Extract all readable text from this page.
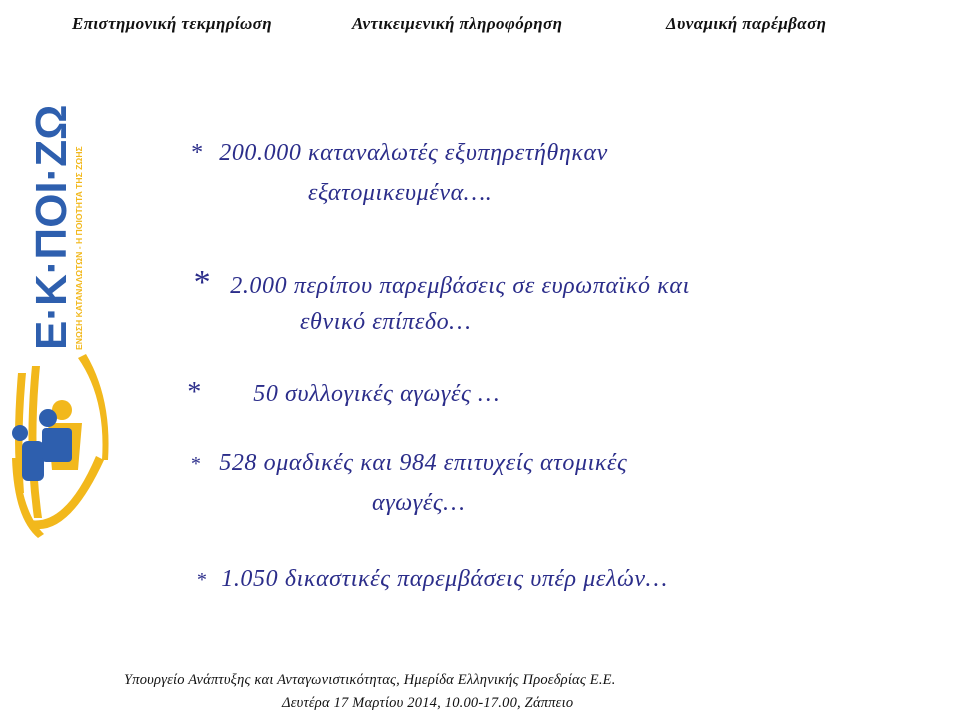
Επιστημονική τεκμηρίωση	Αντικειμενική πληροφόρηση	Δυναμική παρέμβαση
Ε·Κ·ΠΟΙ·ΖΩ
ΕΝΩΣΗ ΚΑΤΑΝΑΛΩΤΩΝ - Η ΠΟΙΟΤΗΤΑ ΤΗΣ ΖΩΗΣ	* 200.000 καταναλωτές εξυπηρετήθηκαν
εξατομικευμένα….
* 2.000 περίπου παρεμβάσεις σε ευρωπαϊκό και
εθνικό επίπεδο…
* 50 συλλογικές αγωγές …
* 528 ομαδικές και 984 επιτυχείς ατομικές
αγωγές…
* 1.050 δικαστικές παρεμβάσεις υπέρ μελών…
Υπουργείο Ανάπτυξης και Ανταγωνιστικότητας, Ημερίδα Ελληνικής Προεδρίας Ε.Ε.
Δευτέρα 17 Μαρτίου 2014, 10.00-17.00, Ζάππειο
